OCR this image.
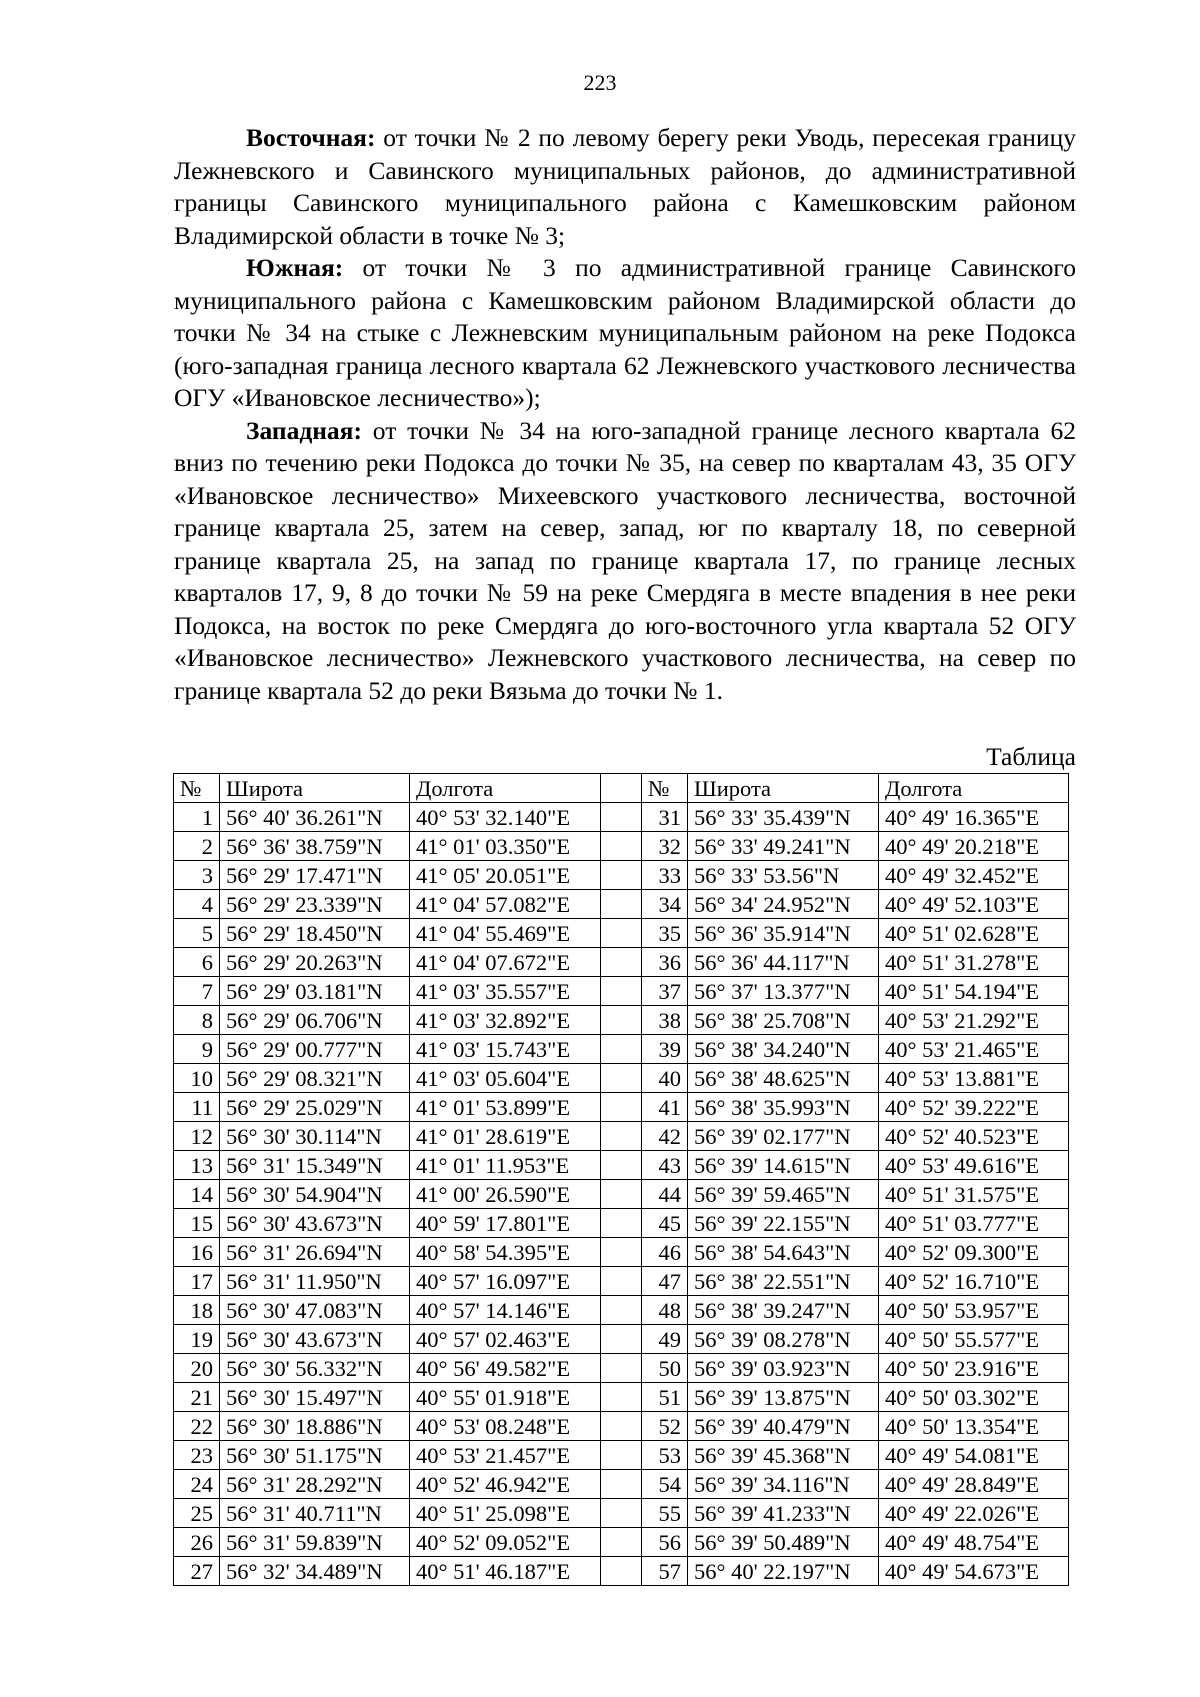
223

Восточная: от точки № 2 по левому берегу реки Уводь, пересекая границу Лежневского и Савинского муниципальных районов, до административной границы Савинского муниципального района с Камешковским районом Владимирской области в точке № 3;

Южная: от точки № 3 по административной границе Савинского муниципального района с Камешковским районом Владимирской области до точки № 34 на стыке с Лежневским муниципальным районом на реке Подокса (юго-западная граница лесного квартала 62 Лежневского участкового лесничества ОГУ «Ивановское лесничество»);

Западная: от точки № 34 на юго-западной границе лесного квартала 62 вниз по течению реки Подокса до точки № 35, на север по кварталам 43, 35 ОГУ «Ивановское лесничество» Михеевского участкового лесничества, восточной границе квартала 25, затем на север, запад, юг по кварталу 18, по северной границе квартала 25, на запад по границе квартала 17, по границе лесных кварталов 17, 9, 8 до точки № 59 на реке Смердяга в месте впадения в нее реки Подокса, на восток по реке Смердяга до юго-восточного угла квартала 52 ОГУ «Ивановское лесничество» Лежневского участкового лесничества, на север по границе квартала 52 до реки Вязьма до точки № 1.

Таблица
№	Широта	Долгота		№	Широта	Долгота
1	56° 40' 36.261"N	40° 53' 32.140"E		31	56° 33' 35.439"N	40° 49' 16.365"E
2	56° 36' 38.759"N	41° 01' 03.350"E		32	56° 33' 49.241"N	40° 49' 20.218"E
3	56° 29' 17.471"N	41° 05' 20.051"E		33	56° 33' 53.56"N	40° 49' 32.452"E
4	56° 29' 23.339"N	41° 04' 57.082"E		34	56° 34' 24.952"N	40° 49' 52.103"E
5	56° 29' 18.450"N	41° 04' 55.469"E		35	56° 36' 35.914"N	40° 51' 02.628"E
6	56° 29' 20.263"N	41° 04' 07.672"E		36	56° 36' 44.117"N	40° 51' 31.278"E
7	56° 29' 03.181"N	41° 03' 35.557"E		37	56° 37' 13.377"N	40° 51' 54.194"E
8	56° 29' 06.706"N	41° 03' 32.892"E		38	56° 38' 25.708"N	40° 53' 21.292"E
9	56° 29' 00.777"N	41° 03' 15.743"E		39	56° 38' 34.240"N	40° 53' 21.465"E
10	56° 29' 08.321"N	41° 03' 05.604"E		40	56° 38' 48.625"N	40° 53' 13.881"E
11	56° 29' 25.029"N	41° 01' 53.899"E		41	56° 38' 35.993"N	40° 52' 39.222"E
12	56° 30' 30.114"N	41° 01' 28.619"E		42	56° 39' 02.177"N	40° 52' 40.523"E
13	56° 31' 15.349"N	41° 01' 11.953"E		43	56° 39' 14.615"N	40° 53' 49.616"E
14	56° 30' 54.904"N	41° 00' 26.590"E		44	56° 39' 59.465"N	40° 51' 31.575"E
15	56° 30' 43.673"N	40° 59' 17.801"E		45	56° 39' 22.155"N	40° 51' 03.777"E
16	56° 31' 26.694"N	40° 58' 54.395"E		46	56° 38' 54.643"N	40° 52' 09.300"E
17	56° 31' 11.950"N	40° 57' 16.097"E		47	56° 38' 22.551"N	40° 52' 16.710"E
18	56° 30' 47.083"N	40° 57' 14.146"E		48	56° 38' 39.247"N	40° 50' 53.957"E
19	56° 30' 43.673"N	40° 57' 02.463"E		49	56° 39' 08.278"N	40° 50' 55.577"E
20	56° 30' 56.332"N	40° 56' 49.582"E		50	56° 39' 03.923"N	40° 50' 23.916"E
21	56° 30' 15.497"N	40° 55' 01.918"E		51	56° 39' 13.875"N	40° 50' 03.302"E
22	56° 30' 18.886"N	40° 53' 08.248"E		52	56° 39' 40.479"N	40° 50' 13.354"E
23	56° 30' 51.175"N	40° 53' 21.457"E		53	56° 39' 45.368"N	40° 49' 54.081"E
24	56° 31' 28.292"N	40° 52' 46.942"E		54	56° 39' 34.116"N	40° 49' 28.849"E
25	56° 31' 40.711"N	40° 51' 25.098"E		55	56° 39' 41.233"N	40° 49' 22.026"E
26	56° 31' 59.839"N	40° 52' 09.052"E		56	56° 39' 50.489"N	40° 49' 48.754"E
27	56° 32' 34.489"N	40° 51' 46.187"E		57	56° 40' 22.197"N	40° 49' 54.673"E
